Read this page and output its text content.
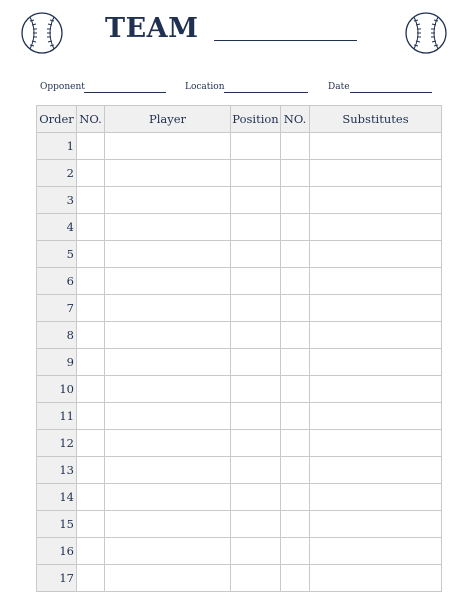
TEAM
Opponent	Location	Date
Order	NO.	Player	Position	NO.	Substitutes
1					
2					
3					
4					
5					
6					
7					
8					
9					
10					
11					
12					
13					
14					
15					
16					
17					
